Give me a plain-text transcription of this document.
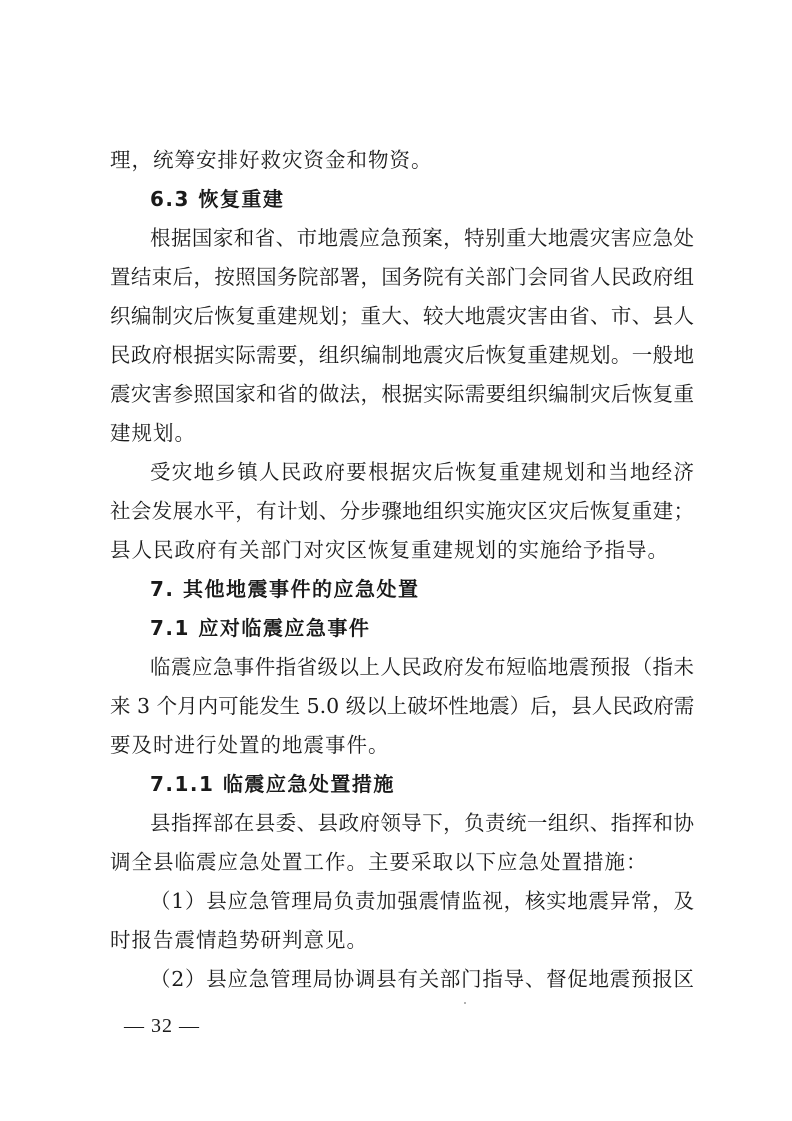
理，统筹安排好救灾资金和物资。
6.3 恢复重建
根据国家和省、市地震应急预案，特别重大地震灾害应急处
置结束后，按照国务院部署，国务院有关部门会同省人民政府组
织编制灾后恢复重建规划；重大、较大地震灾害由省、市、县人
民政府根据实际需要，组织编制地震灾后恢复重建规划。一般地
震灾害参照国家和省的做法，根据实际需要组织编制灾后恢复重
建规划。
受灾地乡镇人民政府要根据灾后恢复重建规划和当地经济
社会发展水平，有计划、分步骤地组织实施灾区灾后恢复重建；
县人民政府有关部门对灾区恢复重建规划的实施给予指导。
7. 其他地震事件的应急处置
7.1 应对临震应急事件
临震应急事件指省级以上人民政府发布短临地震预报（指未
来 3 个月内可能发生 5.0 级以上破坏性地震）后，县人民政府需
要及时进行处置的地震事件。
7.1.1 临震应急处置措施
县指挥部在县委、县政府领导下，负责统一组织、指挥和协
调全县临震应急处置工作。主要采取以下应急处置措施：
（1）县应急管理局负责加强震情监视，核实地震异常，及
时报告震情趋势研判意见。
（2）县应急管理局协调县有关部门指导、督促地震预报区
— 32 —
